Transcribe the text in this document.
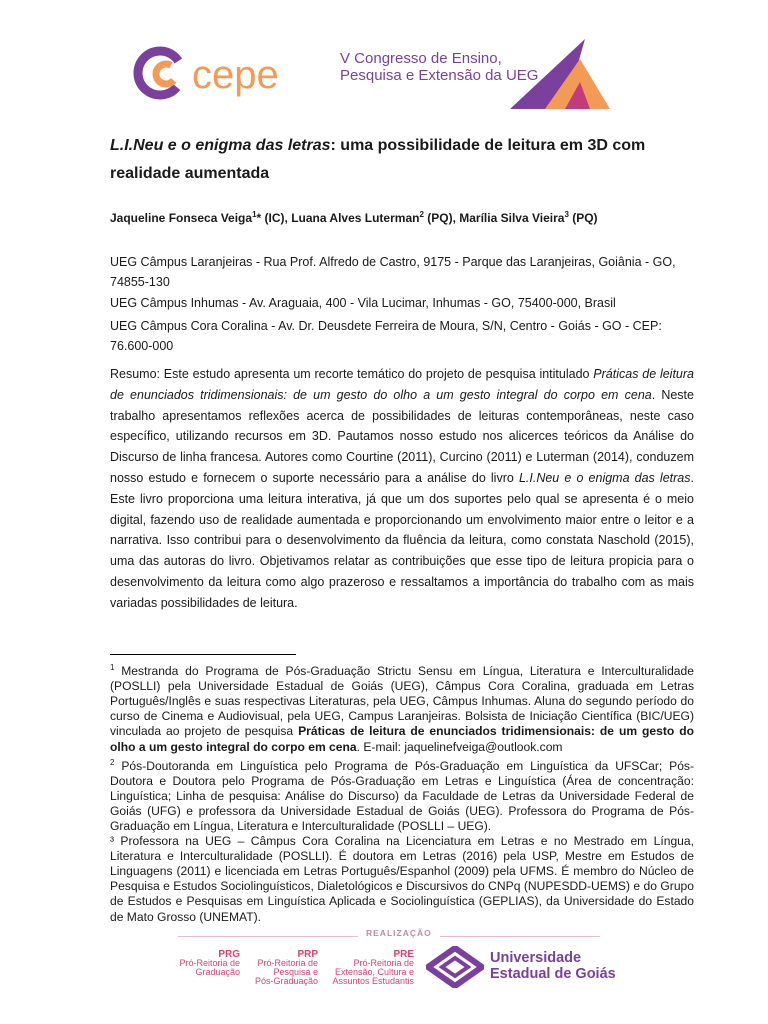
cepe	V Congresso de Ensino,
Pesquisa e Extensão da UEG
L.I.Neu e o enigma das letras: uma possibilidade de leitura em 3D com
realidade aumentada
Jaqueline Fonseca Veiga$^1$* (IC), Luana Alves Luterman$^2$ (PQ), Marília Silva Vieira$^3$ (PQ)
UEG Câmpus Laranjeiras - Rua Prof. Alfredo de Castro, 9175 - Parque das Laranjeiras, Goiânia - GO,
74855-130
UEG Câmpus Inhumas - Av. Araguaia, 400 - Vila Lucimar, Inhumas - GO, 75400-000, Brasil
UEG Câmpus Cora Coralina - Av. Dr. Deusdete Ferreira de Moura, S/N, Centro - Goiás - GO - CEP:
76.600-000
Resumo: Este estudo apresenta um recorte temático do projeto de pesquisa intitulado Práticas de leitura de enunciados tridimensionais: de um gesto do olho a um gesto integral do corpo em cena. Neste trabalho apresentamos reflexões acerca de possibilidades de leituras contemporâneas, neste caso específico, utilizando recursos em 3D. Pautamos nosso estudo nos alicerces teóricos da Análise do Discurso de linha francesa. Autores como Courtine (2011), Curcino (2011) e Luterman (2014), conduzem nosso estudo e fornecem o suporte necessário para a análise do livro L.I.Neu e o enigma das letras. Este livro proporciona uma leitura interativa, já que um dos suportes pelo qual se apresenta é o meio digital, fazendo uso de realidade aumentada e proporcionando um envolvimento maior entre o leitor e a narrativa. Isso contribui para o desenvolvimento da fluência da leitura, como constata Naschold (2015), uma das autoras do livro. Objetivamos relatar as contribuições que esse tipo de leitura propicia para o desenvolvimento da leitura como algo prazeroso e ressaltamos a importância do trabalho com as mais variadas possibilidades de leitura.

$^1$ Mestranda do Programa de Pós-Graduação Strictu Sensu em Língua, Literatura e Interculturalidade (POSLLI) pela Universidade Estadual de Goiás (UEG), Câmpus Cora Coralina, graduada em Letras Português/Inglês e suas respectivas Literaturas, pela UEG, Câmpus Inhumas. Aluna do segundo período do curso de Cinema e Audiovisual, pela UEG, Campus Laranjeiras. Bolsista de Iniciação Científica (BIC/UEG) vinculada ao projeto de pesquisa Práticas de leitura de enunciados tridimensionais: de um gesto do olho a um gesto integral do corpo em cena. E-mail: jaquelinefveiga@outlook.com

$^2$ Pós-Doutoranda em Linguística pelo Programa de Pós-Graduação em Linguística da UFSCar; Pós-Doutora e Doutora pelo Programa de Pós-Graduação em Letras e Linguística (Área de concentração: Linguística; Linha de pesquisa: Análise do Discurso) da Faculdade de Letras da Universidade Federal de Goiás (UFG) e professora da Universidade Estadual de Goiás (UEG). Professora do Programa de Pós-Graduação em Língua, Literatura e Interculturalidade (POSLLI – UEG).

³ Professora na UEG – Câmpus Cora Coralina na Licenciatura em Letras e no Mestrado em Língua, Literatura e Interculturalidade (POSLLI). É doutora em Letras (2016) pela USP, Mestre em Estudos de Linguagens (2011) e licenciada em Letras Português/Espanhol (2009) pela UFMS. É membro do Núcleo de Pesquisa e Estudos Sociolinguísticos, Dialetológicos e Discursivos do CNPq (NUPESDD-UEMS) e do Grupo de Estudos e Pesquisas em Linguística Aplicada e Sociolinguística (GEPLIAS), da Universidade do Estado de Mato Grosso (UNEMAT).

REALIZAÇÃO
PRG
Pró-Reitoria de
Graduação
PRP
Pró-Reitoria de
Pesquisa e
Pós-Graduação
PRE
Pró-Reitoria de
Extensão, Cultura e
Assuntos Estudantis
Universidade
Estadual de Goiás
